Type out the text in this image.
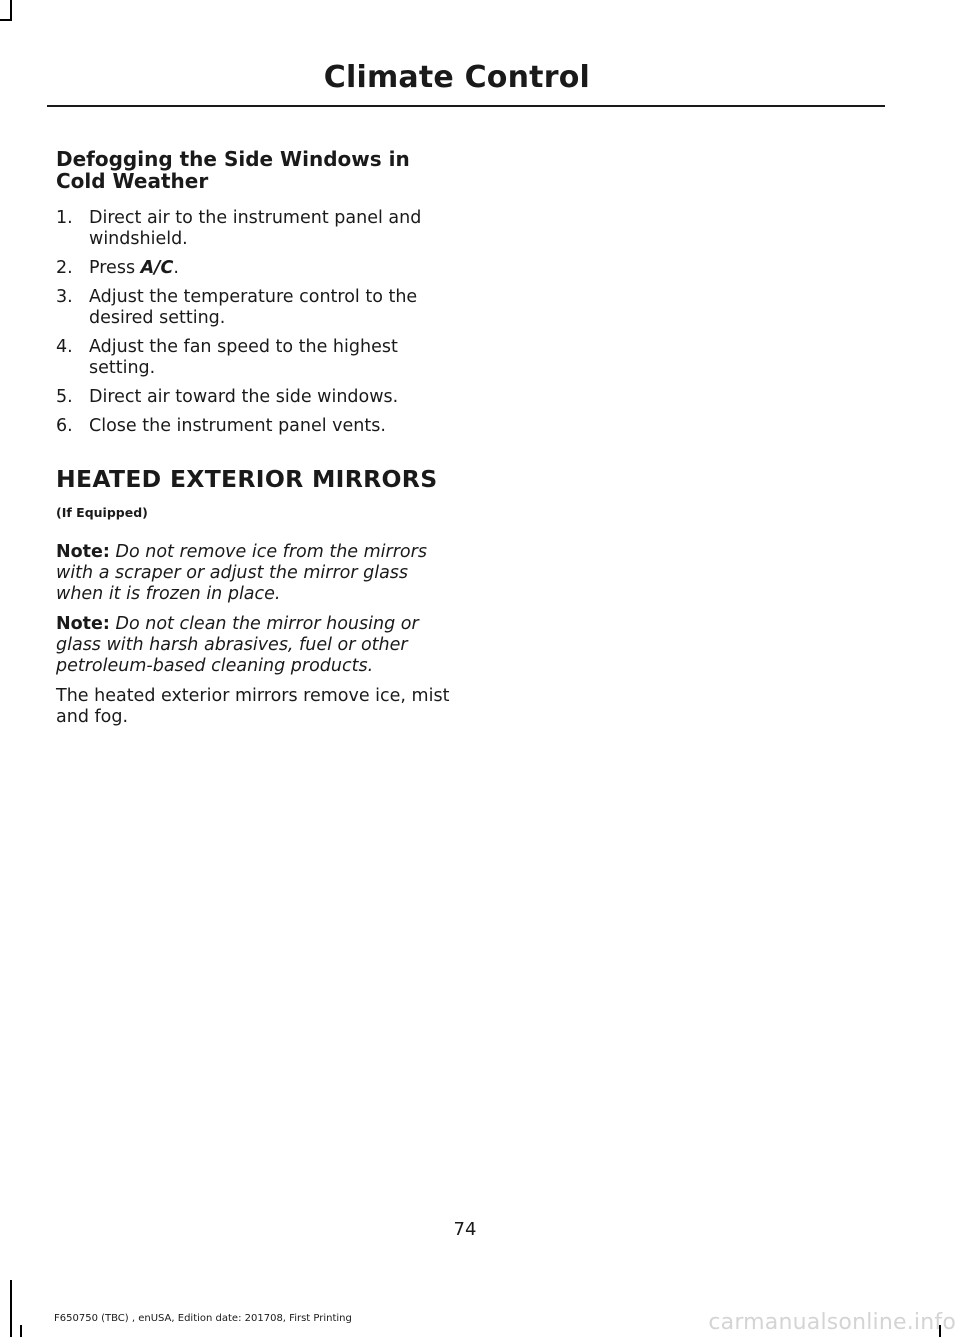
Climate Control
Defogging the Side Windows in
Cold Weather
1. Direct air to the instrument panel and windshield.
2. Press A/C.
3. Adjust the temperature control to the desired setting.
4. Adjust the fan speed to the highest setting.
5. Direct air toward the side windows.
6. Close the instrument panel vents.
HEATED EXTERIOR MIRRORS
(If Equipped)

Note: Do not remove ice from the mirrors with a scraper or adjust the mirror glass when it is frozen in place.

Note: Do not clean the mirror housing or glass with harsh abrasives, fuel or other petroleum-based cleaning products.

The heated exterior mirrors remove ice, mist and fog.

74
F650750 (TBC) , enUSA, Edition date: 201708, First Printing	carmanualsonline.info
